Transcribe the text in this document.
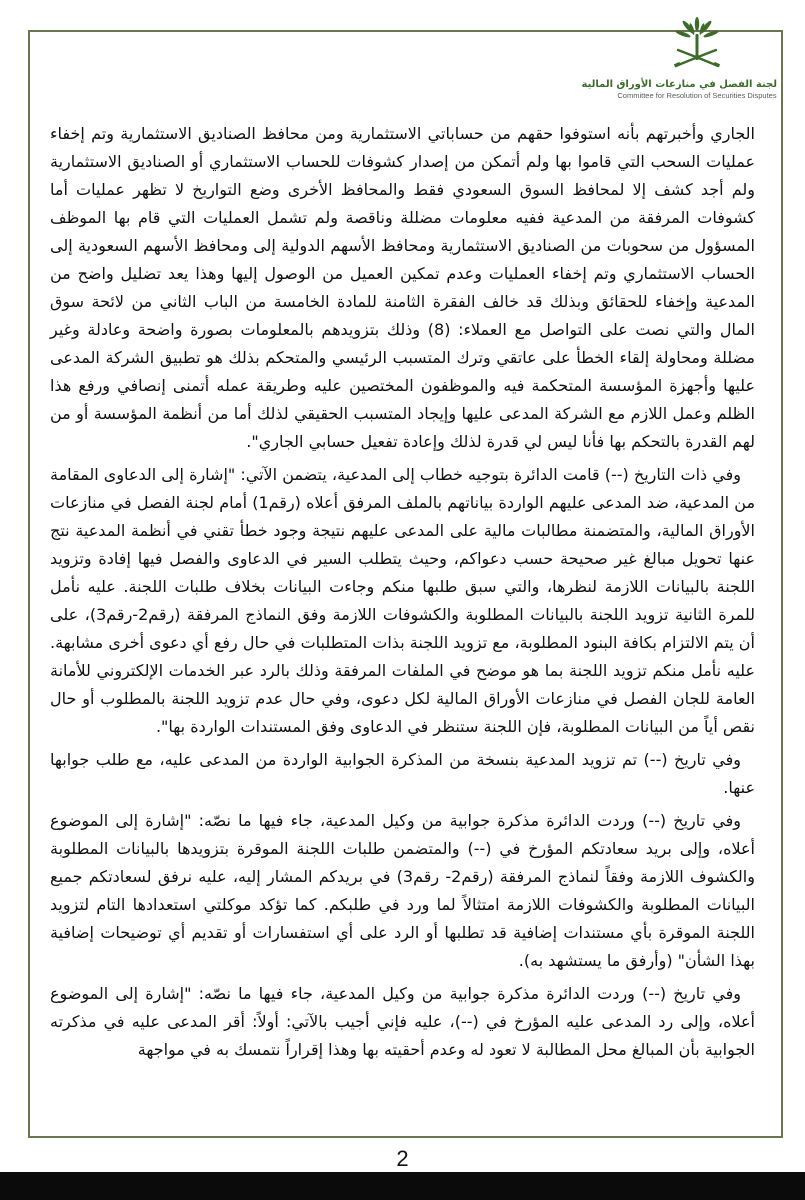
لجنة الفصل في منازعات الأوراق المالية
Committee for Resolution of Securities Disputes

الجاري وأخبرتهم بأنه استوفوا حقهم من حساباتي الاستثمارية ومن محافظ الصناديق الاستثمارية وتم إخفاء عمليات السحب التي قاموا بها ولم أتمكن من إصدار كشوفات للحساب الاستثماري أو الصناديق الاستثمارية ولم أجد كشف إلا لمحافظ السوق السعودي فقط والمحافظ الأخرى وضع التواريخ لا تظهر عمليات أما كشوفات المرفقة من المدعية ففيه معلومات مضللة وناقصة ولم تشمل العمليات التي قام بها الموظف المسؤول من سحوبات من الصناديق الاستثمارية ومحافظ الأسهم الدولية إلى ومحافظ الأسهم السعودية إلى الحساب الاستثماري وتم إخفاء العمليات وعدم تمكين العميل من الوصول إليها وهذا يعد تضليل واضح من المدعية وإخفاء للحقائق وبذلك قد خالف الفقرة الثامنة للمادة الخامسة من الباب الثاني من لائحة سوق المال والتي نصت على التواصل مع العملاء: (8) وذلك بتزويدهم بالمعلومات بصورة واضحة وعادلة وغير مضللة ومحاولة إلقاء الخطأ على عاتقي وترك المتسبب الرئيسي والمتحكم بذلك هو تطبيق الشركة المدعى عليها وأجهزة المؤسسة المتحكمة فيه والموظفون المختصين عليه وطريقة عمله أتمنى إنصافي ورفع هذا الظلم وعمل اللازم مع الشركة المدعى عليها وإيجاد المتسبب الحقيقي لذلك أما من أنظمة المؤسسة أو من لهم القدرة بالتحكم بها فأنا ليس لي قدرة لذلك وإعادة تفعيل حسابي الجاري".

وفي ذات التاريخ (--) قامت الدائرة بتوجيه خطاب إلى المدعية، يتضمن الآتي: "إشارة إلى الدعاوى المقامة من المدعية، ضد المدعى عليهم الواردة بياناتهم بالملف المرفق أعلاه (رقم1) أمام لجنة الفصل في منازعات الأوراق المالية، والمتضمنة مطالبات مالية على المدعى عليهم نتيجة وجود خطأ تقني في أنظمة المدعية نتج عنها تحويل مبالغ غير صحيحة حسب دعواكم، وحيث يتطلب السير في الدعاوى والفصل فيها إفادة وتزويد اللجنة بالبيانات اللازمة لنظرها، والتي سبق طلبها منكم وجاءت البيانات بخلاف طلبات اللجنة. عليه نأمل للمرة الثانية تزويد اللجنة بالبيانات المطلوبة والكشوفات اللازمة وفق النماذج المرفقة (رقم2-رقم3)، على أن يتم الالتزام بكافة البنود المطلوبة، مع تزويد اللجنة بذات المتطلبات في حال رفع أي دعوى أخرى مشابهة. عليه نأمل منكم تزويد اللجنة بما هو موضح في الملفات المرفقة وذلك بالرد عبر الخدمات الإلكتروني للأمانة العامة للجان الفصل في منازعات الأوراق المالية لكل دعوى، وفي حال عدم تزويد اللجنة بالمطلوب أو حال نقص أياً من البيانات المطلوبة، فإن اللجنة ستنظر في الدعاوى وفق المستندات الواردة بها".

وفي تاريخ (--) تم تزويد المدعية بنسخة من المذكرة الجوابية الواردة من المدعى عليه، مع طلب جوابها عنها.

وفي تاريخ (--) وردت الدائرة مذكرة جوابية من وكيل المدعية، جاء فيها ما نصّه: "إشارة إلى الموضوع أعلاه، وإلى بريد سعادتكم المؤرخ في (--) والمتضمن طلبات اللجنة الموقرة بتزويدها بالبيانات المطلوبة والكشوف اللازمة وفقاً لنماذج المرفقة (رقم2- رقم3) في بريدكم المشار إليه، عليه نرفق لسعادتكم جميع البيانات المطلوبة والكشوفات اللازمة امتثالاً لما ورد في طلبكم. كما تؤكد موكلتي استعدادها التام لتزويد اللجنة الموقرة بأي مستندات إضافية قد تطلبها أو الرد على أي استفسارات أو تقديم أي توضيحات إضافية بهذا الشأن" (وأرفق ما يستشهد به).

وفي تاريخ (--) وردت الدائرة مذكرة جوابية من وكيل المدعية، جاء فيها ما نصّه: "إشارة إلى الموضوع أعلاه، وإلى رد المدعى عليه المؤرخ في (--)، عليه فإني أجيب بالآتي: أولاً: أقر المدعى عليه في مذكرته الجوابية بأن المبالغ محل المطالبة لا تعود له وعدم أحقيته بها وهذا إقراراً نتمسك به في مواجهة

2
